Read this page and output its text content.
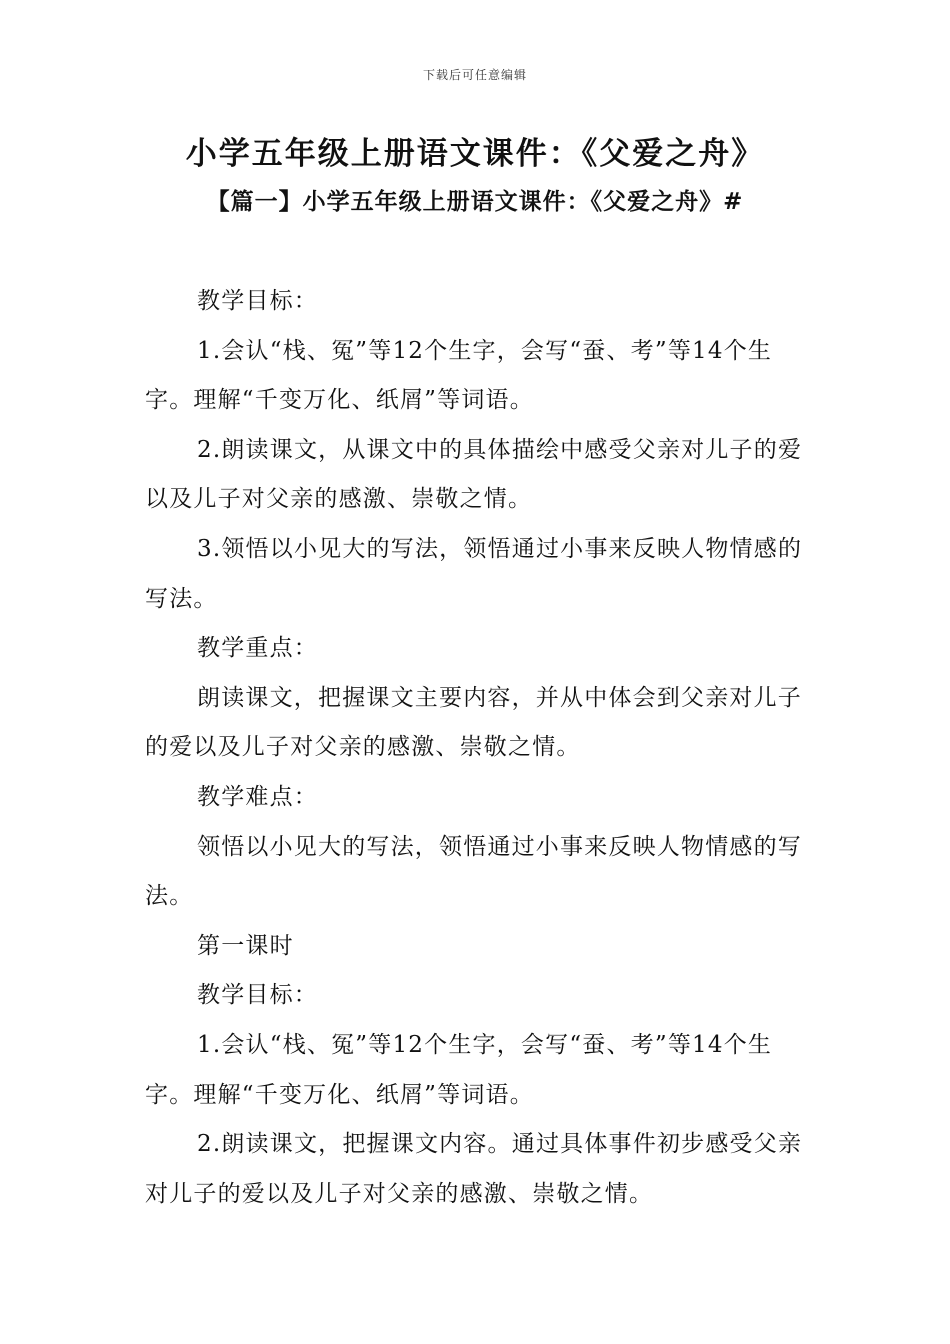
下载后可任意编辑
小学五年级上册语文课件：《父爱之舟》
【篇一】小学五年级上册语文课件：《父爱之舟》#

教学目标：

1.会认“栈、冤”等12个生字，会写“蚕、考”等14个生字。理解“千变万化、纸屑”等词语。

2.朗读课文，从课文中的具体描绘中感受父亲对儿子的爱以及儿子对父亲的感激、崇敬之情。

3.领悟以小见大的写法，领悟通过小事来反映人物情感的写法。

教学重点：

朗读课文，把握课文主要内容，并从中体会到父亲对儿子的爱以及儿子对父亲的感激、崇敬之情。

教学难点：

领悟以小见大的写法，领悟通过小事来反映人物情感的写法。

第一课时

教学目标：

1.会认“栈、冤”等12个生字，会写“蚕、考”等14个生字。理解“千变万化、纸屑”等词语。

2.朗读课文，把握课文内容。通过具体事件初步感受父亲对儿子的爱以及儿子对父亲的感激、崇敬之情。
